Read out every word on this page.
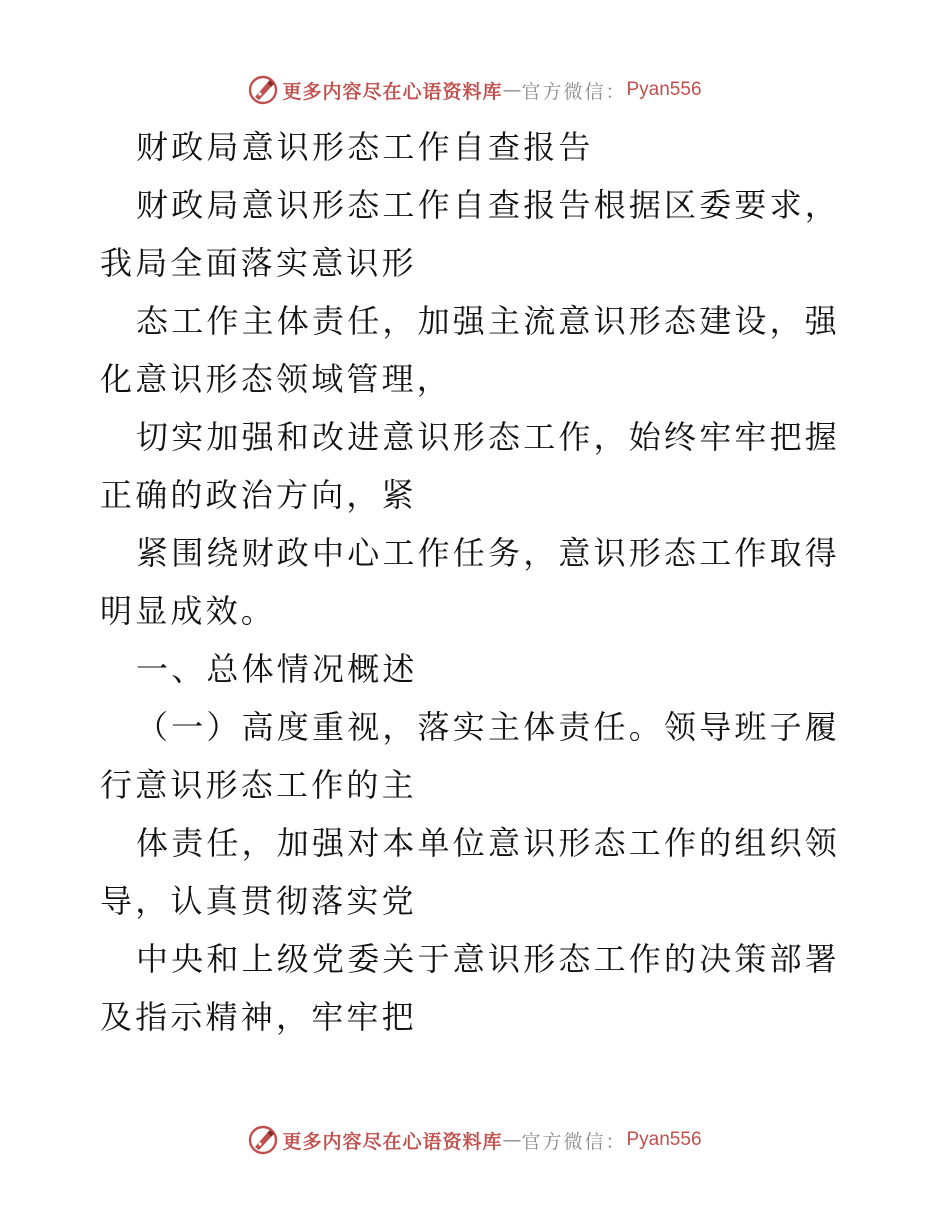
更多内容尽在心语资料库 — 官方微信： Pyan556

财政局意识形态工作自查报告

财政局意识形态工作自查报告根据区委要求，我局全面落实意识形

态工作主体责任，加强主流意识形态建设，强化意识形态领域管理，

切实加强和改进意识形态工作，始终牢牢把握正确的政治方向，紧

紧围绕财政中心工作任务，意识形态工作取得明显成效。

一、总体情况概述

（一）高度重视，落实主体责任。领导班子履行意识形态工作的主

体责任，加强对本单位意识形态工作的组织领导，认真贯彻落实党

中央和上级党委关于意识形态工作的决策部署及指示精神，牢牢把

更多内容尽在心语资料库 — 官方微信： Pyan556
